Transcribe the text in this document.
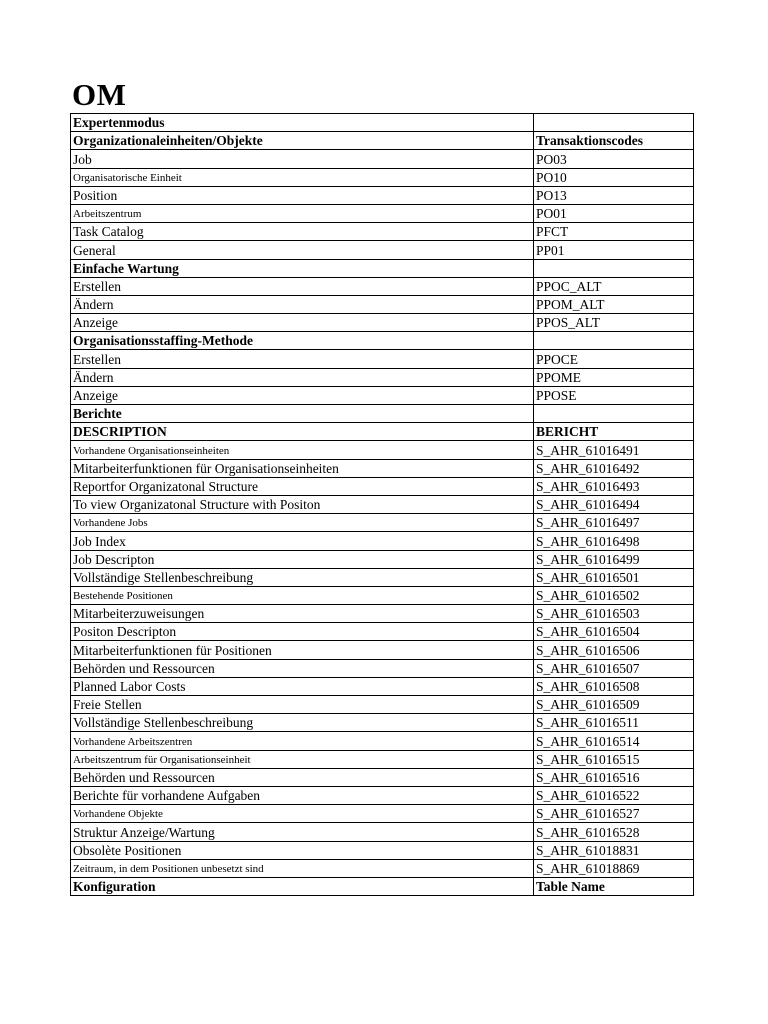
OM
Expertenmodus	
Organizationaleinheiten/Objekte	Transaktionscodes
Job	PO03
Organisatorische Einheit	PO10
Position	PO13
Arbeitszentrum	PO01
Task Catalog	PFCT
General	PP01
Einfache Wartung	
Erstellen	PPOC_ALT
Ändern	PPOM_ALT
Anzeige	PPOS_ALT
Organisationsstaffing-Methode	
Erstellen	PPOCE
Ändern	PPOME
Anzeige	PPOSE
Berichte	
DESCRIPTION	BERICHT
Vorhandene Organisationseinheiten	S_AHR_61016491
Mitarbeiterfunktionen für Organisationseinheiten	S_AHR_61016492
Reportfor Organizatonal Structure	S_AHR_61016493
To view Organizatonal Structure with Positon	S_AHR_61016494
Vorhandene Jobs	S_AHR_61016497
Job Index	S_AHR_61016498
Job Descripton	S_AHR_61016499
Vollständige Stellenbeschreibung	S_AHR_61016501
Bestehende Positionen	S_AHR_61016502
Mitarbeiterzuweisungen	S_AHR_61016503
Positon Descripton	S_AHR_61016504
Mitarbeiterfunktionen für Positionen	S_AHR_61016506
Behörden und Ressourcen	S_AHR_61016507
Planned Labor Costs	S_AHR_61016508
Freie Stellen	S_AHR_61016509
Vollständige Stellenbeschreibung	S_AHR_61016511
Vorhandene Arbeitszentren	S_AHR_61016514
Arbeitszentrum für Organisationseinheit	S_AHR_61016515
Behörden und Ressourcen	S_AHR_61016516
Berichte für vorhandene Aufgaben	S_AHR_61016522
Vorhandene Objekte	S_AHR_61016527
Struktur Anzeige/Wartung	S_AHR_61016528
Obsolète Positionen	S_AHR_61018831
Zeitraum, in dem Positionen unbesetzt sind	S_AHR_61018869
Konfiguration	Table Name
